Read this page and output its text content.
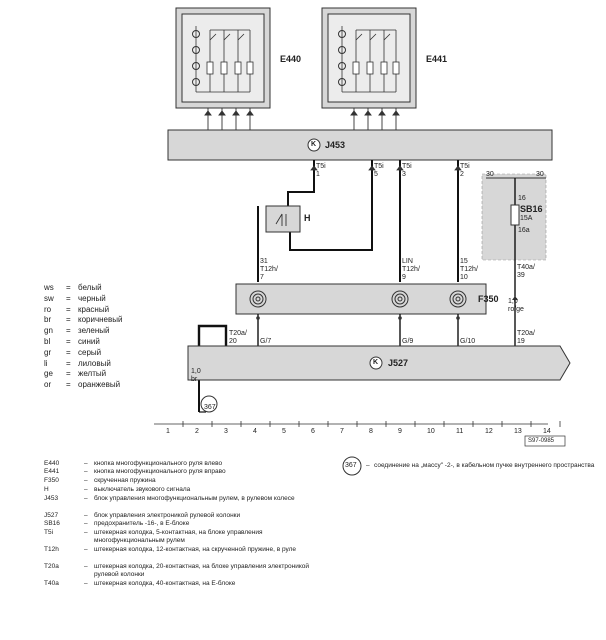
E440	E441
K J453
H
F350
K J527
SB16
15A
16
16a
30	30
367
T5i
1
T5i
5
T5i
3
T5i
2
31
T12h/
7
LIN
T12h/
9
15
T12h/
10
T40a/
39
1,0
ro/ge
T20a/
20
T20a/
19
G/7	G/9	G/10
1,0
br
1	2	3	4	5	6	7	8	9	10	11	12	13	14
S97-0985
ws = белый
sw = черный
ro = красный
br = коричневый
gn = зеленый
bl = синий
gr = серый
li = лиловый
ge = желтый
or = оранжевый
E440	– кнопка многофункционального руля влево
E441	– кнопка многофункционального руля вправо
F350	– скрученная пружина
H	– выключатель звукового сигнала
J453	– блок управления многофункциональным рулем, в рулевом колесе
J527	– блок управления электроникой рулевой колонки
SB16	– предохранитель -16-, в Е-блоке
T5i	– штекерная колодка, 5-контактная, на блоке управления многофункциональным рулем
T12h	– штекерная колодка, 12-контактная, на скрученной пружине, в руле
T20a	– штекерная колодка, 20-контактная, на блоке управления электроникой рулевой колонки
T40a	– штекерная колодка, 40-контактная, на Е-блоке
367 – соединение на „массу" -2-, в кабельном пучке внутреннего пространства
